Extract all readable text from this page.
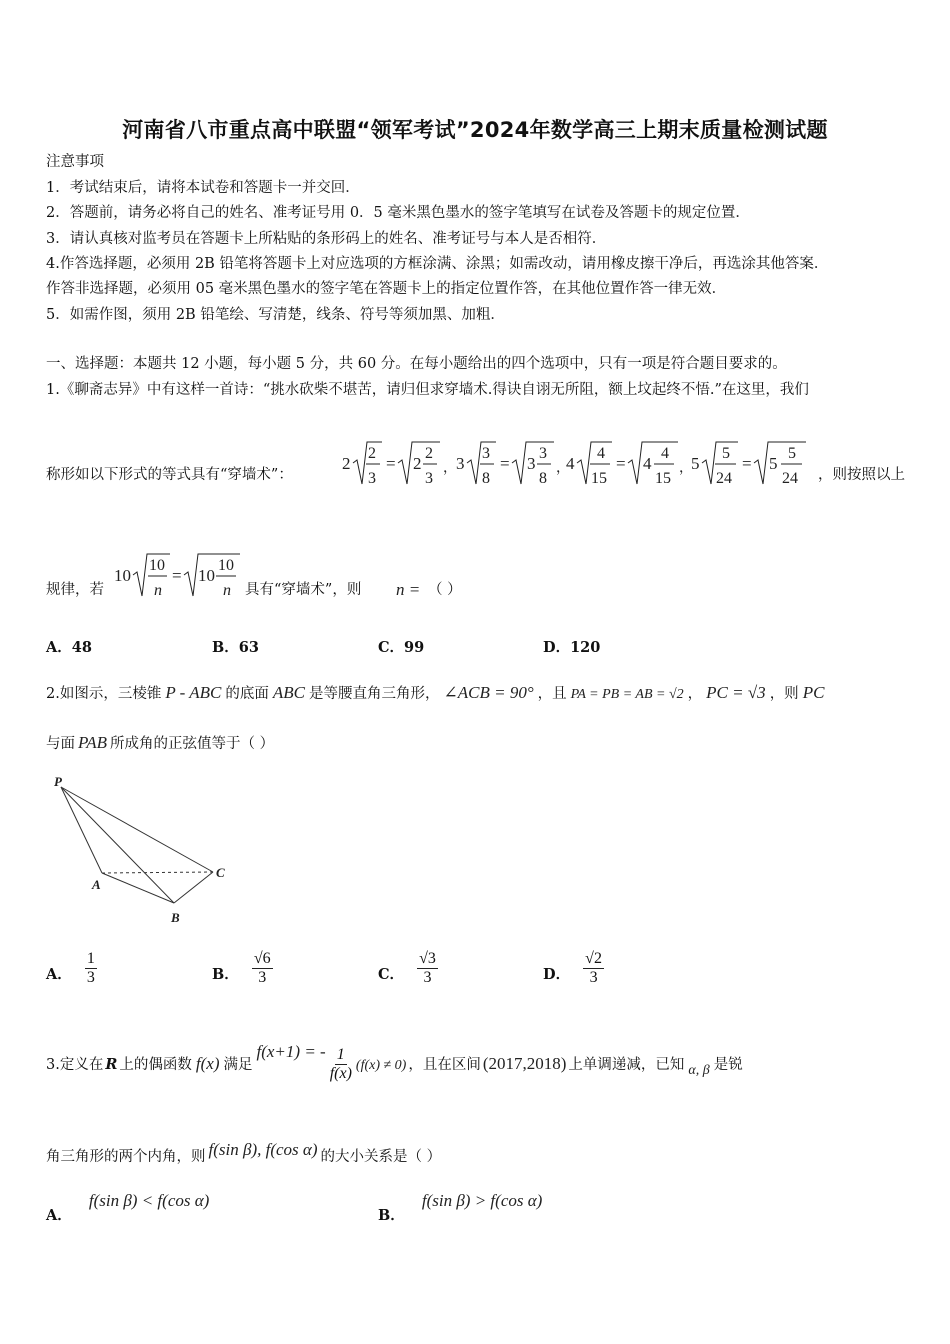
河南省八市重点高中联盟“领军考试”2024年数学高三上期末质量检测试题
注意事项
1．考试结束后，请将本试卷和答题卡一并交回．
2．答题前，请务必将自己的姓名、准考证号用 0．5 毫米黑色墨水的签字笔填写在试卷及答题卡的规定位置．
3．请认真核对监考员在答题卡上所粘贴的条形码上的姓名、准考证号与本人是否相符．
4.作答选择题，必须用 2B 铅笔将答题卡上对应选项的方框涂满、涂黑；如需改动，请用橡皮擦干净后，再选涂其他答案．
作答非选择题，必须用 05 毫米黑色墨水的签字笔在答题卡上的指定位置作答，在其他位置作答一律无效．
5．如需作图，须用 2B 铅笔绘、写清楚，线条、符号等须加黑、加粗．
一、选择题：本题共 12 小题，每小题 5 分，共 60 分。在每小题给出的四个选项中，只有一项是符合题目要求的。
1.《聊斋志异》中有这样一首诗：“挑水砍柴不堪苦，请归但求穿墙术.得诀自诩无所阻，额上坟起终不悟.”在这里，我们
称形如以下形式的等式具有“穿墙术”：
2
2
3
= 2
2
3
， 3
3
8
= 3
3
8
，
4
4
15
= 4
4
15
，
5
5
24
= 5
5
24 ，则按照以上
规律，若
10
10
n
= 10
10
n 具有“穿墙术”，则 n = （ ）
A．48	B．63	C．99	D．120
2.如图示，三棱锥 P - ABC 的底面 ABC 是等腰直角三角形， ∠ACB = 90° ，且 PA = PB = AB = √2 ， PC = √3 ，则 PC
与面 PAB 所成角的正弦值等于（ ）
P
A
B
C
A． $\frac{1}{3}$	B． $\frac{√6}{3}$	C． $\frac{√3}{3}$	D． $\frac{√2}{3}$
3.定义在 R 上的偶函数 f(x) 满足f(x+1) = - $\frac{1}{f(x)} (f(x) \ne 0)$ ，且在区间 (2017,2018) 上单调递减，已知 α, β 是锐
角三角形的两个内角，则 f(sin β), f(cos α) 的大小关系是（ ）
A． f(sin β) < f(cos α)
B． f(sin β) > f(cos α)
